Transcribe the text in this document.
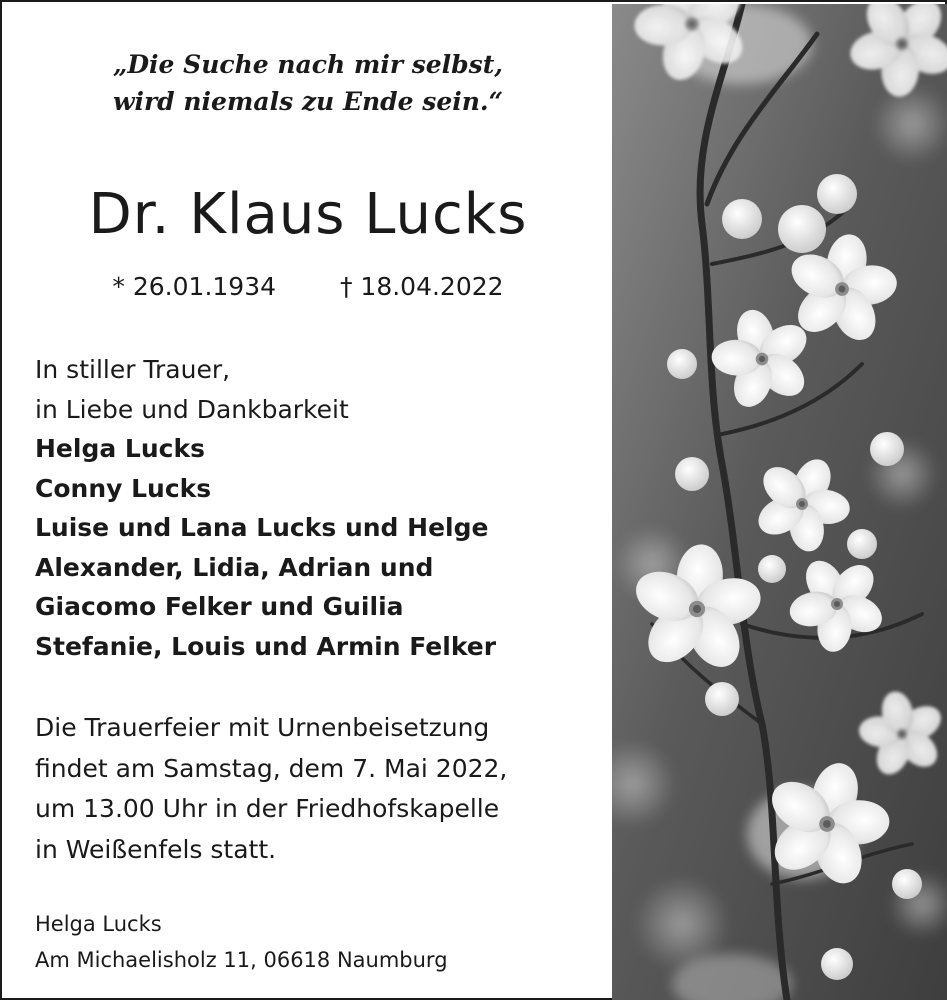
„Die Suche nach mir selbst,
wird niemals zu Ende sein.“
Dr. Klaus Lucks
* 26.01.1934	† 18.04.2022
In stiller Trauer,
in Liebe und Dankbarkeit
Helga Lucks
Conny Lucks
Luise und Lana Lucks und Helge
Alexander, Lidia, Adrian und
Giacomo Felker und Guilia
Stefanie, Louis und Armin Felker
Die Trauerfeier mit Urnenbeisetzung
findet am Samstag, dem 7. Mai 2022,
um 13.00 Uhr in der Friedhofskapelle
in Weißenfels statt.
Helga Lucks
Am Michaelisholz 11, 06618 Naumburg
